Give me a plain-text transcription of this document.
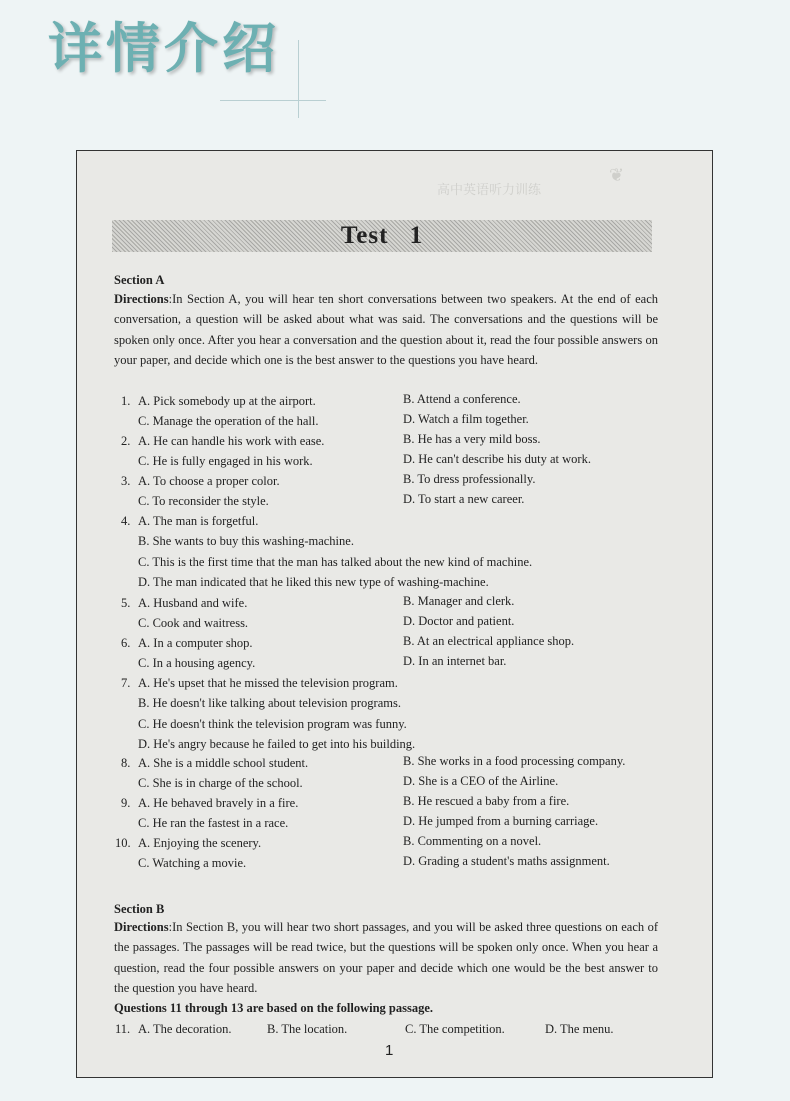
详情介绍
❦
高中英语听力训练
Test 1
Section A
Directions:In Section A, you will hear ten short conversations between two speakers. At the end of each conversation, a question will be asked about what was said. The conversations and the questions will be spoken only once. After you hear a conversation and the question about it, read the four possible answers on your paper, and decide which one is the best answer to the questions you have heard.
1. A. Pick somebody up at the airport.	B. Attend a conference.
C. Manage the operation of the hall.	D. Watch a film together.
2. A. He can handle his work with ease.	B. He has a very mild boss.
C. He is fully engaged in his work.	D. He can't describe his duty at work.
3. A. To choose a proper color.	B. To dress professionally.
C. To reconsider the style.	D. To start a new career.
4. A. The man is forgetful.
B. She wants to buy this washing-machine.
C. This is the first time that the man has talked about the new kind of machine.
D. The man indicated that he liked this new type of washing-machine.
5. A. Husband and wife.	B. Manager and clerk.
C. Cook and waitress.	D. Doctor and patient.
6. A. In a computer shop.	B. At an electrical appliance shop.
C. In a housing agency.	D. In an internet bar.
7. A. He's upset that he missed the television program.
B. He doesn't like talking about television programs.
C. He doesn't think the television program was funny.
D. He's angry because he failed to get into his building.
8. A. She is a middle school student.	B. She works in a food processing company.
C. She is in charge of the school.	D. She is a CEO of the Airline.
9. A. He behaved bravely in a fire.	B. He rescued a baby from a fire.
C. He ran the fastest in a race.	D. He jumped from a burning carriage.
10. A. Enjoying the scenery.	B. Commenting on a novel.
C. Watching a movie.	D. Grading a student's maths assignment.
Section B
Directions:In Section B, you will hear two short passages, and you will be asked three questions on each of the passages. The passages will be read twice, but the questions will be spoken only once. When you hear a question, read the four possible answers on your paper and decide which one would be the best answer to the question you have heard.
Questions 11 through 13 are based on the following passage.
11. A. The decoration.	B. The location.	C. The competition.	D. The menu.
1
